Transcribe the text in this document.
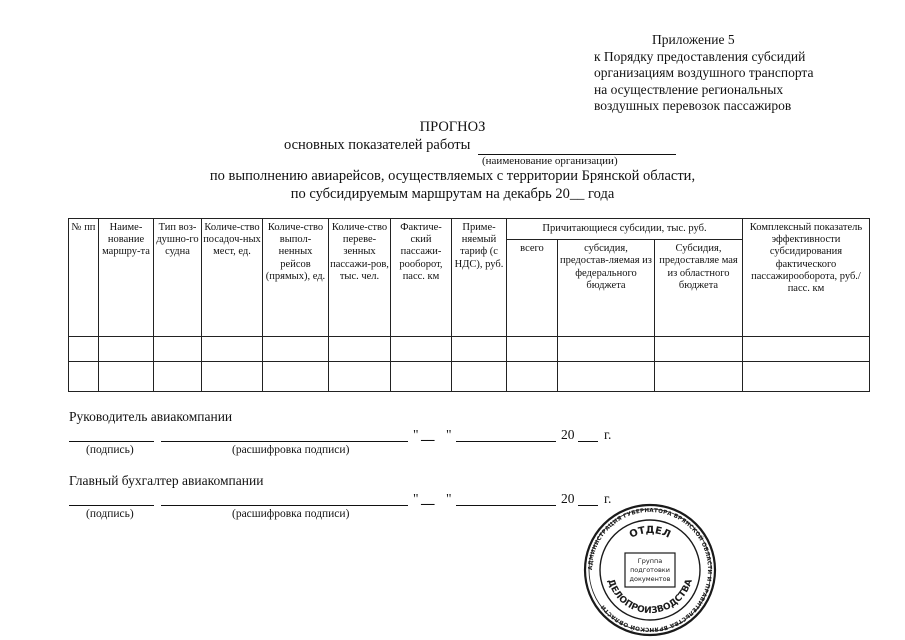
Приложение 5
к Порядку предоставления субсидий
организациям воздушного транспорта
на осуществление региональных
воздушных перевозок пассажиров
ПРОГНОЗ
основных показателей работы
(наименование организации)
по выполнению авиарейсов, осуществляемых с территории Брянской области,
по субсидируемым маршрутам на декабрь 20__ года
№ пп	Наиме-нование маршру-та	Тип воз-душно-го судна	Количе-ство посадоч-ных мест, ед.	Количе-ство выпол-ненных рейсов (прямых), ед.	Количе-ство переве-зенных пассажи-ров, тыс. чел.	Фактиче-ский пассажи-рооборот, пасс. км	Приме-няемый тариф (с НДС), руб.	Причитающиеся субсидии, тыс. руб.			Комплексный показатель эффективности субсидирования фактического пассажирооборота, руб./пасс. км
								всего	субсидия, предостав-ляемая из федерального бюджета	Субсидия, предоставляе мая из областного бюджета	

Руководитель авиакомпании
" __ "	20 г.
(подпись)	(расшифровка подписи)
Главный бухгалтер авиакомпании
" __ "	20 г.
(подпись)	(расшифровка подписи)
АДМИНИСТРАЦИЯ ГУБЕРНАТОРА БРЯНСКОЙ ОБЛАСТИ И ПРАВИТЕЛЬСТВА БРЯНСКОЙ ОБЛАСТИ
ОТДЕЛ
ДЕЛОПРОИЗВОДСТВА
Группа
подготовки
документов
